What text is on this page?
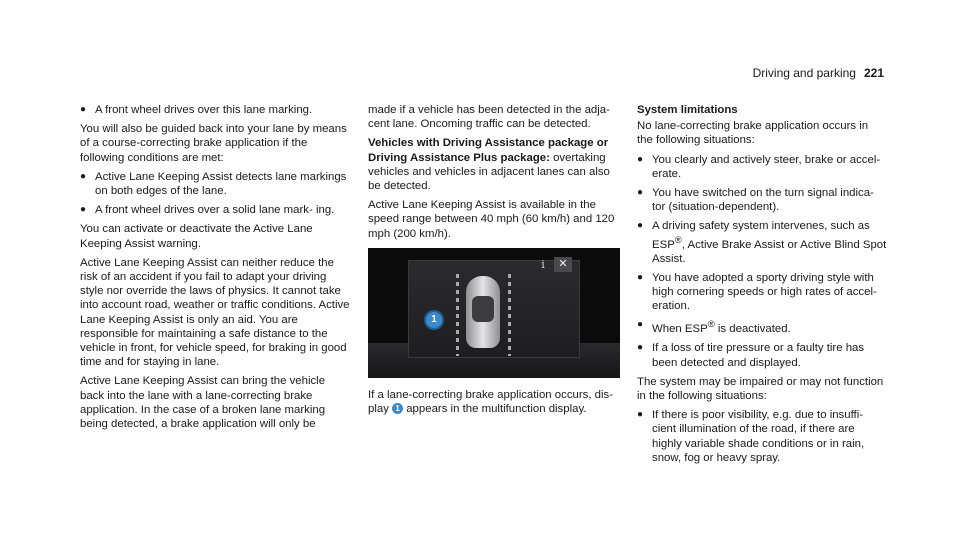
Driving and parking 221
● A front wheel drives over this lane marking.

You will also be guided back into your lane by means of a course-correcting brake application if the following conditions are met:

● Active Lane Keeping Assist detects lane markings on both edges of the lane.
● A front wheel drives over a solid lane mark- ing.

You can activate or deactivate the Active Lane Keeping Assist warning.

Active Lane Keeping Assist can neither reduce the risk of an accident if you fail to adapt your driving style nor override the laws of physics. It cannot take into account road, weather or traffic conditions. Active Lane Keeping Assist is only an aid. You are responsible for maintaining a safe distance to the vehicle in front, for vehicle speed, for braking in good time and for staying in lane.

Active Lane Keeping Assist can bring the vehicle back into the lane with a lane-correcting brake application. In the case of a broken lane marking being detected, a brake application will only be

made if a vehicle has been detected in the adja- cent lane. Oncoming traffic can be detected.

Vehicles with Driving Assistance package or Driving Assistance Plus package: overtaking vehicles and vehicles in adjacent lanes can also be detected.

Active Lane Keeping Assist is available in the speed range between 40 mph (60 km/h) and 120 mph (200 km/h).

1
i	✕

If a lane-correcting brake application occurs, dis- play 1 appears in the multifunction display.

System limitations

No lane-correcting brake application occurs in the following situations:

● You clearly and actively steer, brake or accel- erate.
● You have switched on the turn signal indica- tor (situation-dependent).
● A driving safety system intervenes, such as ESP®, Active Brake Assist or Active Blind Spot Assist.
● You have adopted a sporty driving style with high cornering speeds or high rates of accel- eration.
● When ESP® is deactivated.
● If a loss of tire pressure or a faulty tire has been detected and displayed.

The system may be impaired or may not function in the following situations:

● If there is poor visibility, e.g. due to insuffi- cient illumination of the road, if there are highly variable shade conditions or in rain, snow, fog or heavy spray.
